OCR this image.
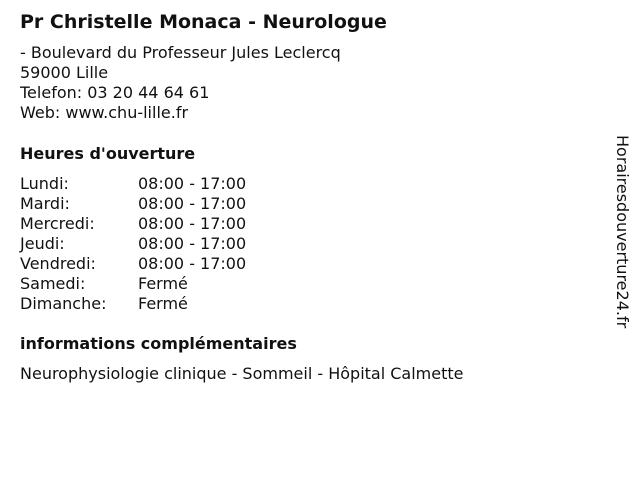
Pr Christelle Monaca - Neurologue
- Boulevard du Professeur Jules Leclercq
59000 Lille
Telefon: 03 20 44 64 61
Web: www.chu-lille.fr
Heures d'ouverture
Lundi:	08:00 - 17:00
Mardi:	08:00 - 17:00
Mercredi:	08:00 - 17:00
Jeudi:	08:00 - 17:00
Vendredi:	08:00 - 17:00
Samedi:	Fermé
Dimanche:	Fermé
informations complémentaires
Neurophysiologie clinique - Sommeil - Hôpital Calmette
Horairesdouverture24.fr
